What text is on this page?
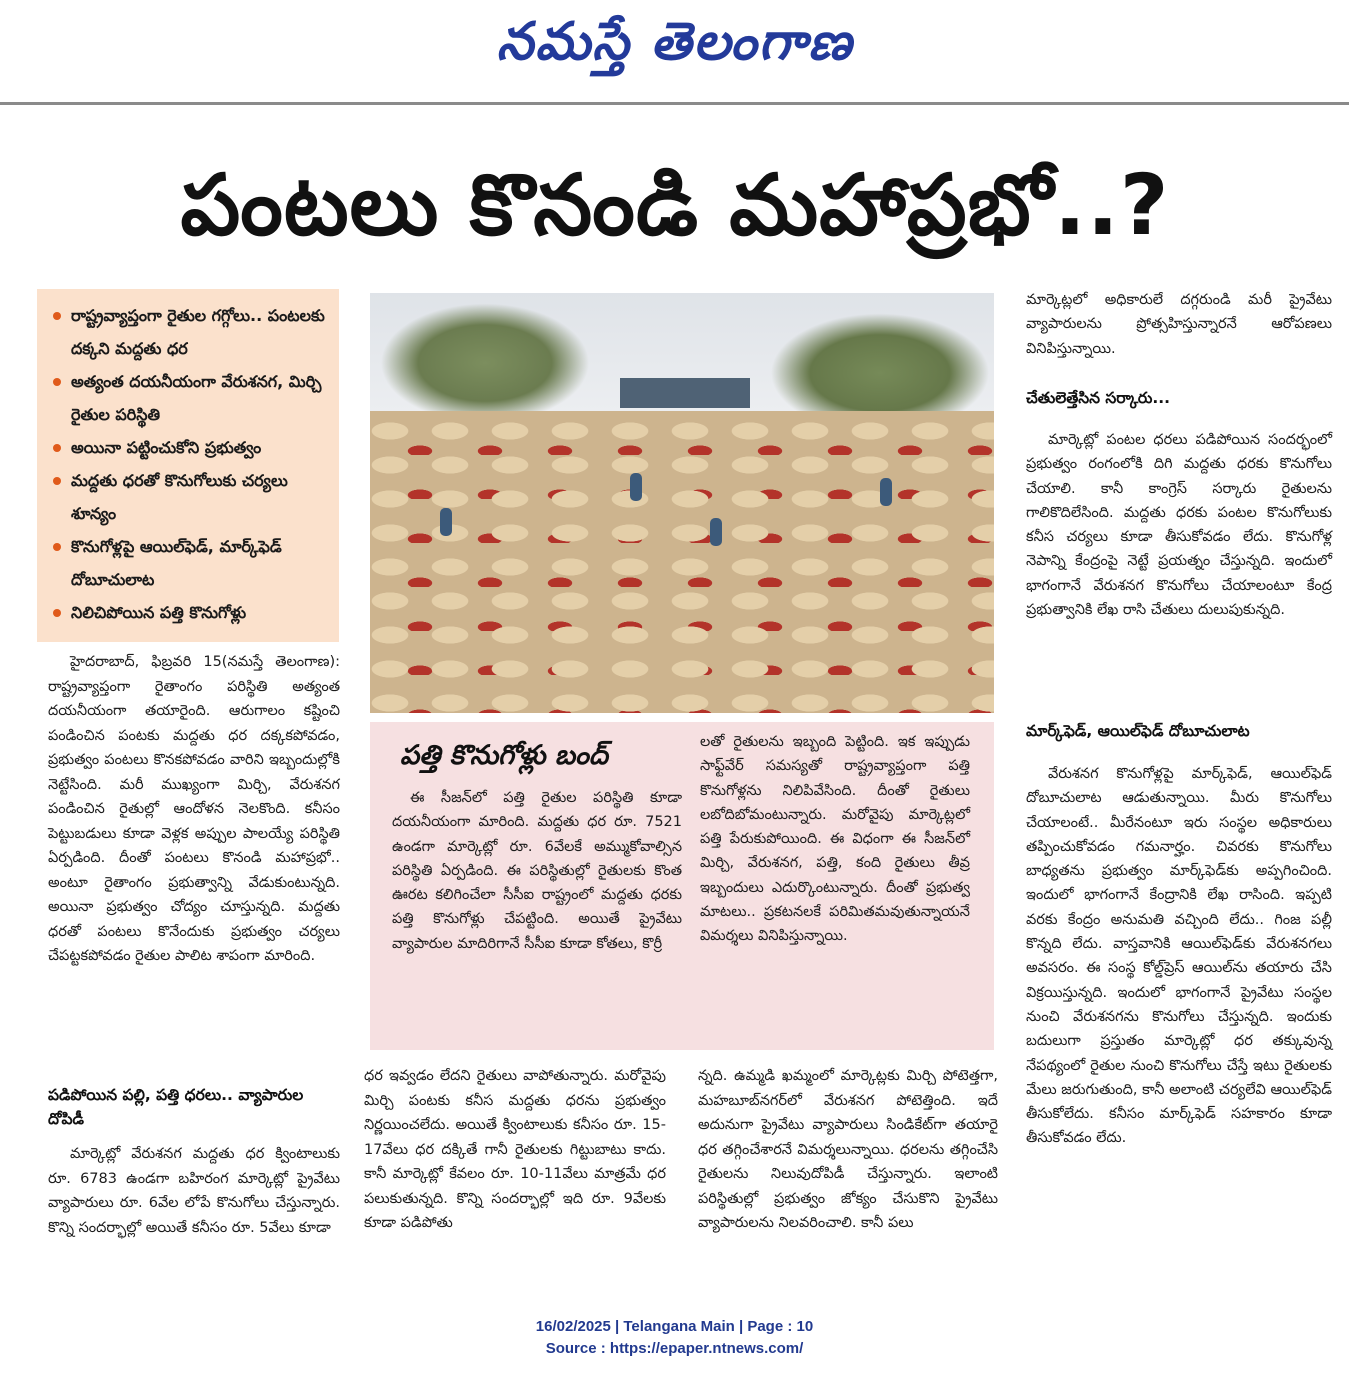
నమస్తే తెలంగాణ
పంటలు కొనండి మహాప్రభో..?
రాష్ట్రవ్యాప్తంగా రైతుల గగ్గోలు.. పంటలకు దక్కని మద్దతు ధర
అత్యంత దయనీయంగా వేరుశనగ, మిర్చి రైతుల పరిస్థితి
అయినా పట్టించుకోని ప్రభుత్వం
మద్దతు ధరతో కొనుగోలుకు చర్యలు శూన్యం
కొనుగోళ్లపై ఆయిల్‌ఫెడ్, మార్క్‌ఫెడ్ దోబూచులాట
నిలిచిపోయిన పత్తి కొనుగోళ్లు

హైదరాబాద్, ఫిబ్రవరి 15(నమస్తే తెలంగాణ): రాష్ట్రవ్యాప్తంగా రైతాంగం పరిస్థితి అత్యంత దయనీయంగా తయారైంది. ఆరుగాలం కష్టించి పండించిన పంటకు మద్దతు ధర దక్కకపోవడం, ప్రభుత్వం పంటలు కొనకపోవడం వారిని ఇబ్బందుల్లోకి నెట్టేసింది. మరీ ముఖ్యంగా మిర్చి, వేరుశనగ పండించిన రైతుల్లో ఆందోళన నెలకొంది. కనీసం పెట్టుబడులు కూడా వెళ్లక అప్పుల పాలయ్యే పరిస్థితి ఏర్పడింది. దీంతో పంటలు కొనండి మహాప్రభో.. అంటూ రైతాంగం ప్రభుత్వాన్ని వేడుకుంటున్నది. అయినా ప్రభుత్వం చోద్యం చూస్తున్నది. మద్దతు ధరతో పంటలు కొనేందుకు ప్రభుత్వం చర్యలు చేపట్టకపోవడం రైతుల పాలిట శాపంగా మారింది.

పడిపోయిన పల్లి, పత్తి ధరలు.. వ్యాపారుల దోపిడీ

మార్కెట్లో వేరుశనగ మద్దతు ధర క్వింటాలుకు రూ. 6783 ఉండగా బహిరంగ మార్కెట్లో ప్రైవేటు వ్యాపారులు రూ. 6వేల లోపే కొనుగోలు చేస్తున్నారు. కొన్ని సందర్భాల్లో అయితే కనీసం రూ. 5వేలు కూడా

పత్తి కొనుగోళ్లు బంద్

ఈ సీజన్‌లో పత్తి రైతుల పరిస్థితి కూడా దయనీయంగా మారింది. మద్దతు ధర రూ. 7521 ఉండగా మార్కెట్లో రూ. 6వేలకే అమ్ముకోవాల్సిన పరిస్థితి ఏర్పడింది. ఈ పరిస్థితుల్లో రైతులకు కొంత ఊరట కలిగించేలా సీసీఐ రాష్ట్రంలో మద్దతు ధరకు పత్తి కొనుగోళ్లు చేపట్టింది. అయితే ప్రైవేటు వ్యాపారుల మాదిరిగానే సీసీఐ కూడా కోతలు, కొర్రీ

లతో రైతులను ఇబ్బంది పెట్టింది. ఇక ఇప్పుడు సాఫ్ట్‌వేర్ సమస్యతో రాష్ట్రవ్యాప్తంగా పత్తి కొనుగోళ్లను నిలిపివేసింది. దీంతో రైతులు లబోదిబోమంటున్నారు. మరోవైపు మార్కెట్లలో పత్తి పేరుకుపోయింది. ఈ విధంగా ఈ సీజన్‌లో మిర్చి, వేరుశనగ, పత్తి, కంది రైతులు తీవ్ర ఇబ్బందులు ఎదుర్కొంటున్నారు. దీంతో ప్రభుత్వ మాటలు.. ప్రకటనలకే పరిమితమవుతున్నాయనే విమర్శలు వినిపిస్తున్నాయి.

ధర ఇవ్వడం లేదని రైతులు వాపోతున్నారు. మరోవైపు మిర్చి పంటకు కనీస మద్దతు ధరను ప్రభుత్వం నిర్ణయించలేదు. అయితే క్వింటాలుకు కనీసం రూ. 15-17వేలు ధర దక్కితే గానీ రైతులకు గిట్టుబాటు కాదు. కానీ మార్కెట్లో కేవలం రూ. 10-11వేలు మాత్రమే ధర పలుకుతున్నది. కొన్ని సందర్భాల్లో ఇది రూ. 9వేలకు కూడా పడిపోతు

న్నది. ఉమ్మడి ఖమ్మంలో మార్కెట్లకు మిర్చి పోటెత్తగా, మహబూబ్‌నగర్‌లో వేరుశనగ పోటెత్తింది. ఇదే అదునుగా ప్రైవేటు వ్యాపారులు సిండికేట్‌గా తయారై ధర తగ్గించేశారనే విమర్శలున్నాయి. ధరలను తగ్గించేసి రైతులను నిలువుదోపిడీ చేస్తున్నారు. ఇలాంటి పరిస్థితుల్లో ప్రభుత్వం జోక్యం చేసుకొని ప్రైవేటు వ్యాపారులను నిలవరించాలి. కానీ పలు

మార్కెట్లలో అధికారులే దగ్గరుండి మరీ ప్రైవేటు వ్యాపారులను ప్రోత్సహిస్తున్నారనే ఆరోపణలు వినిపిస్తున్నాయి.

చేతులెత్తేసిన సర్కారు...

మార్కెట్లో పంటల ధరలు పడిపోయిన సందర్భంలో ప్రభుత్వం రంగంలోకి దిగి మద్దతు ధరకు కొనుగోలు చేయాలి. కానీ కాంగ్రెస్ సర్కారు రైతులను గాలికొదిలేసింది. మద్దతు ధరకు పంటల కొనుగోలుకు కనీస చర్యలు కూడా తీసుకోవడం లేదు. కొనుగోళ్ల నెపాన్ని కేంద్రంపై నెట్టే ప్రయత్నం చేస్తున్నది. ఇందులో భాగంగానే వేరుశనగ కొనుగోలు చేయాలంటూ కేంద్ర ప్రభుత్వానికి లేఖ రాసి చేతులు దులుపుకున్నది.

మార్క్‌ఫెడ్, ఆయిల్‌ఫెడ్ దోబూచులాట

వేరుశనగ కొనుగోళ్లపై మార్క్‌ఫెడ్, ఆయిల్‌ఫెడ్ దోబూచులాట ఆడుతున్నాయి. మీరు కొనుగోలు చేయాలంటే.. మీరేనంటూ ఇరు సంస్థల అధికారులు తప్పించుకోవడం గమనార్హం. చివరకు కొనుగోలు బాధ్యతను ప్రభుత్వం మార్క్‌ఫెడ్‌కు అప్పగించింది. ఇందులో భాగంగానే కేంద్రానికి లేఖ రాసింది. ఇప్పటి వరకు కేంద్రం అనుమతి వచ్చింది లేదు.. గింజ పల్లీ కొన్నది లేదు. వాస్తవానికి ఆయిల్‌ఫెడ్‌కు వేరుశనగలు అవసరం. ఈ సంస్థ కోల్డ్‌ప్రెస్ ఆయిల్‌ను తయారు చేసి విక్రయిస్తున్నది. ఇందులో భాగంగానే ప్రైవేటు సంస్థల నుంచి వేరుశనగను కొనుగోలు చేస్తున్నది. ఇందుకు బదులుగా ప్రస్తుతం మార్కెట్లో ధర తక్కువున్న నేపథ్యంలో రైతుల నుంచి కొనుగోలు చేస్తే ఇటు రైతులకు మేలు జరుగుతుంది, కానీ అలాంటి చర్యలేవి ఆయిల్‌ఫెడ్ తీసుకోలేదు. కనీసం మార్క్‌ఫెడ్ సహకారం కూడా తీసుకోవడం లేదు.

16/02/2025 | Telangana Main | Page : 10
Source : https://epaper.ntnews.com/
